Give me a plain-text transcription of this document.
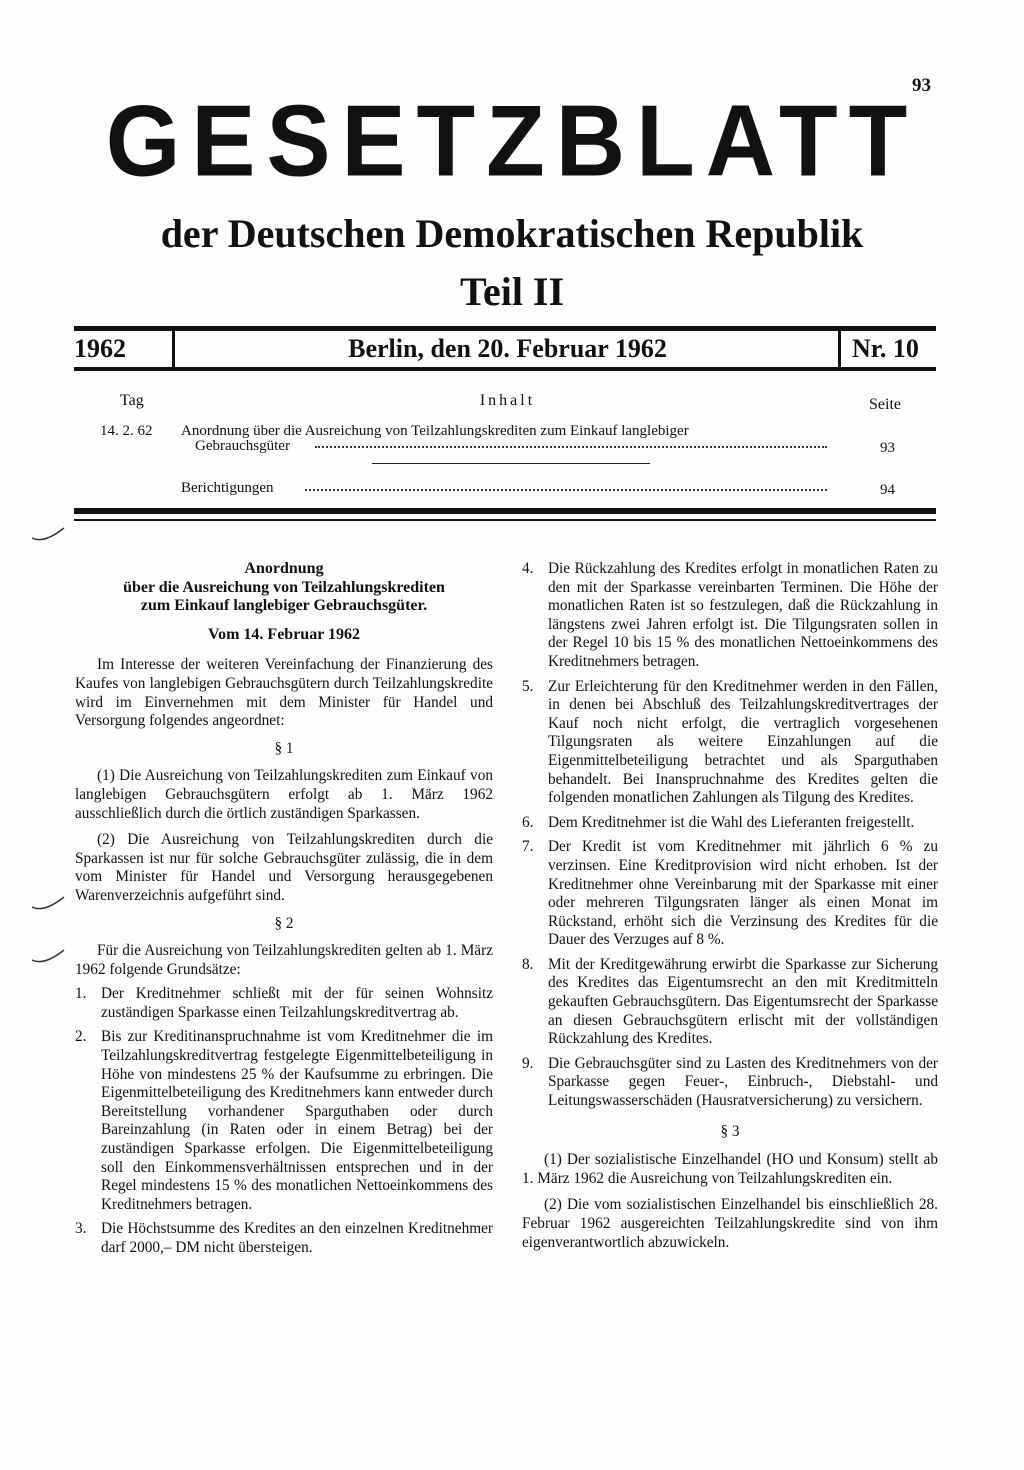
93
GESETZBLATT
der Deutschen Demokratischen Republik
Teil II
1962	Berlin, den 20. Februar 1962	Nr. 10
Tag	Inhalt	Seite
14. 2. 62 Anordnung über die Ausreichung von Teilzahlungskrediten zum Einkauf langlebiger
Gebrauchsgüter	93
Berichtigungen	94

Anordnung

über die Ausreichung von Teilzahlungskrediten

zum Einkauf langlebiger Gebrauchsgüter.

Vom 14. Februar 1962

Im Interesse der weiteren Vereinfachung der Finanzierung des Kaufes von langlebigen Gebrauchsgütern durch Teilzahlungskredite wird im Einvernehmen mit dem Minister für Handel und Versorgung folgendes angeordnet:

§ 1

(1) Die Ausreichung von Teilzahlungskrediten zum Einkauf von langlebigen Gebrauchsgütern erfolgt ab 1. März 1962 ausschließlich durch die örtlich zuständigen Sparkassen.

(2) Die Ausreichung von Teilzahlungskrediten durch die Sparkassen ist nur für solche Gebrauchsgüter zulässig, die in dem vom Minister für Handel und Versorgung herausgegebenen Warenverzeichnis aufgeführt sind.

§ 2

Für die Ausreichung von Teilzahlungskrediten gelten ab 1. März 1962 folgende Grundsätze:

1. Der Kreditnehmer schließt mit der für seinen Wohnsitz zuständigen Sparkasse einen Teilzahlungskreditvertrag ab.

2. Bis zur Kreditinanspruchnahme ist vom Kreditnehmer die im Teilzahlungskreditvertrag festgelegte Eigenmittelbeteiligung in Höhe von mindestens 25 % der Kaufsumme zu erbringen. Die Eigenmittelbeteiligung des Kreditnehmers kann entweder durch Bereitstellung vorhandener Sparguthaben oder durch Bareinzahlung (in Raten oder in einem Betrag) bei der zuständigen Sparkasse erfolgen. Die Eigenmittelbeteiligung soll den Einkommensverhältnissen entsprechen und in der Regel mindestens 15 % des monatlichen Nettoeinkommens des Kreditnehmers betragen.

3. Die Höchstsumme des Kredites an den einzelnen Kreditnehmer darf 2000,– DM nicht übersteigen.

4. Die Rückzahlung des Kredites erfolgt in monatlichen Raten zu den mit der Sparkasse vereinbarten Terminen. Die Höhe der monatlichen Raten ist so festzulegen, daß die Rückzahlung in längstens zwei Jahren erfolgt ist. Die Tilgungsraten sollen in der Regel 10 bis 15 % des monatlichen Nettoeinkommens des Kreditnehmers betragen.

5. Zur Erleichterung für den Kreditnehmer werden in den Fällen, in denen bei Abschluß des Teilzahlungskreditvertrages der Kauf noch nicht erfolgt, die vertraglich vorgesehenen Tilgungsraten als weitere Einzahlungen auf die Eigenmittelbeteiligung betrachtet und als Sparguthaben behandelt. Bei Inanspruchnahme des Kredites gelten die folgenden monatlichen Zahlungen als Tilgung des Kredites.

6. Dem Kreditnehmer ist die Wahl des Lieferanten freigestellt.

7. Der Kredit ist vom Kreditnehmer mit jährlich 6 % zu verzinsen. Eine Kreditprovision wird nicht erhoben. Ist der Kreditnehmer ohne Vereinbarung mit der Sparkasse mit einer oder mehreren Tilgungsraten länger als einen Monat im Rückstand, erhöht sich die Verzinsung des Kredites für die Dauer des Verzuges auf 8 %.

8. Mit der Kreditgewährung erwirbt die Sparkasse zur Sicherung des Kredites das Eigentumsrecht an den mit Kreditmitteln gekauften Gebrauchsgütern. Das Eigentumsrecht der Sparkasse an diesen Gebrauchsgütern erlischt mit der vollständigen Rückzahlung des Kredites.

9. Die Gebrauchsgüter sind zu Lasten des Kreditnehmers von der Sparkasse gegen Feuer-, Einbruch-, Diebstahl- und Leitungswasserschäden (Hausratversicherung) zu versichern.

§ 3

(1) Der sozialistische Einzelhandel (HO und Konsum) stellt ab 1. März 1962 die Ausreichung von Teilzahlungskrediten ein.

(2) Die vom sozialistischen Einzelhandel bis einschließlich 28. Februar 1962 ausgereichten Teilzahlungskredite sind von ihm eigenverantwortlich abzuwickeln.
